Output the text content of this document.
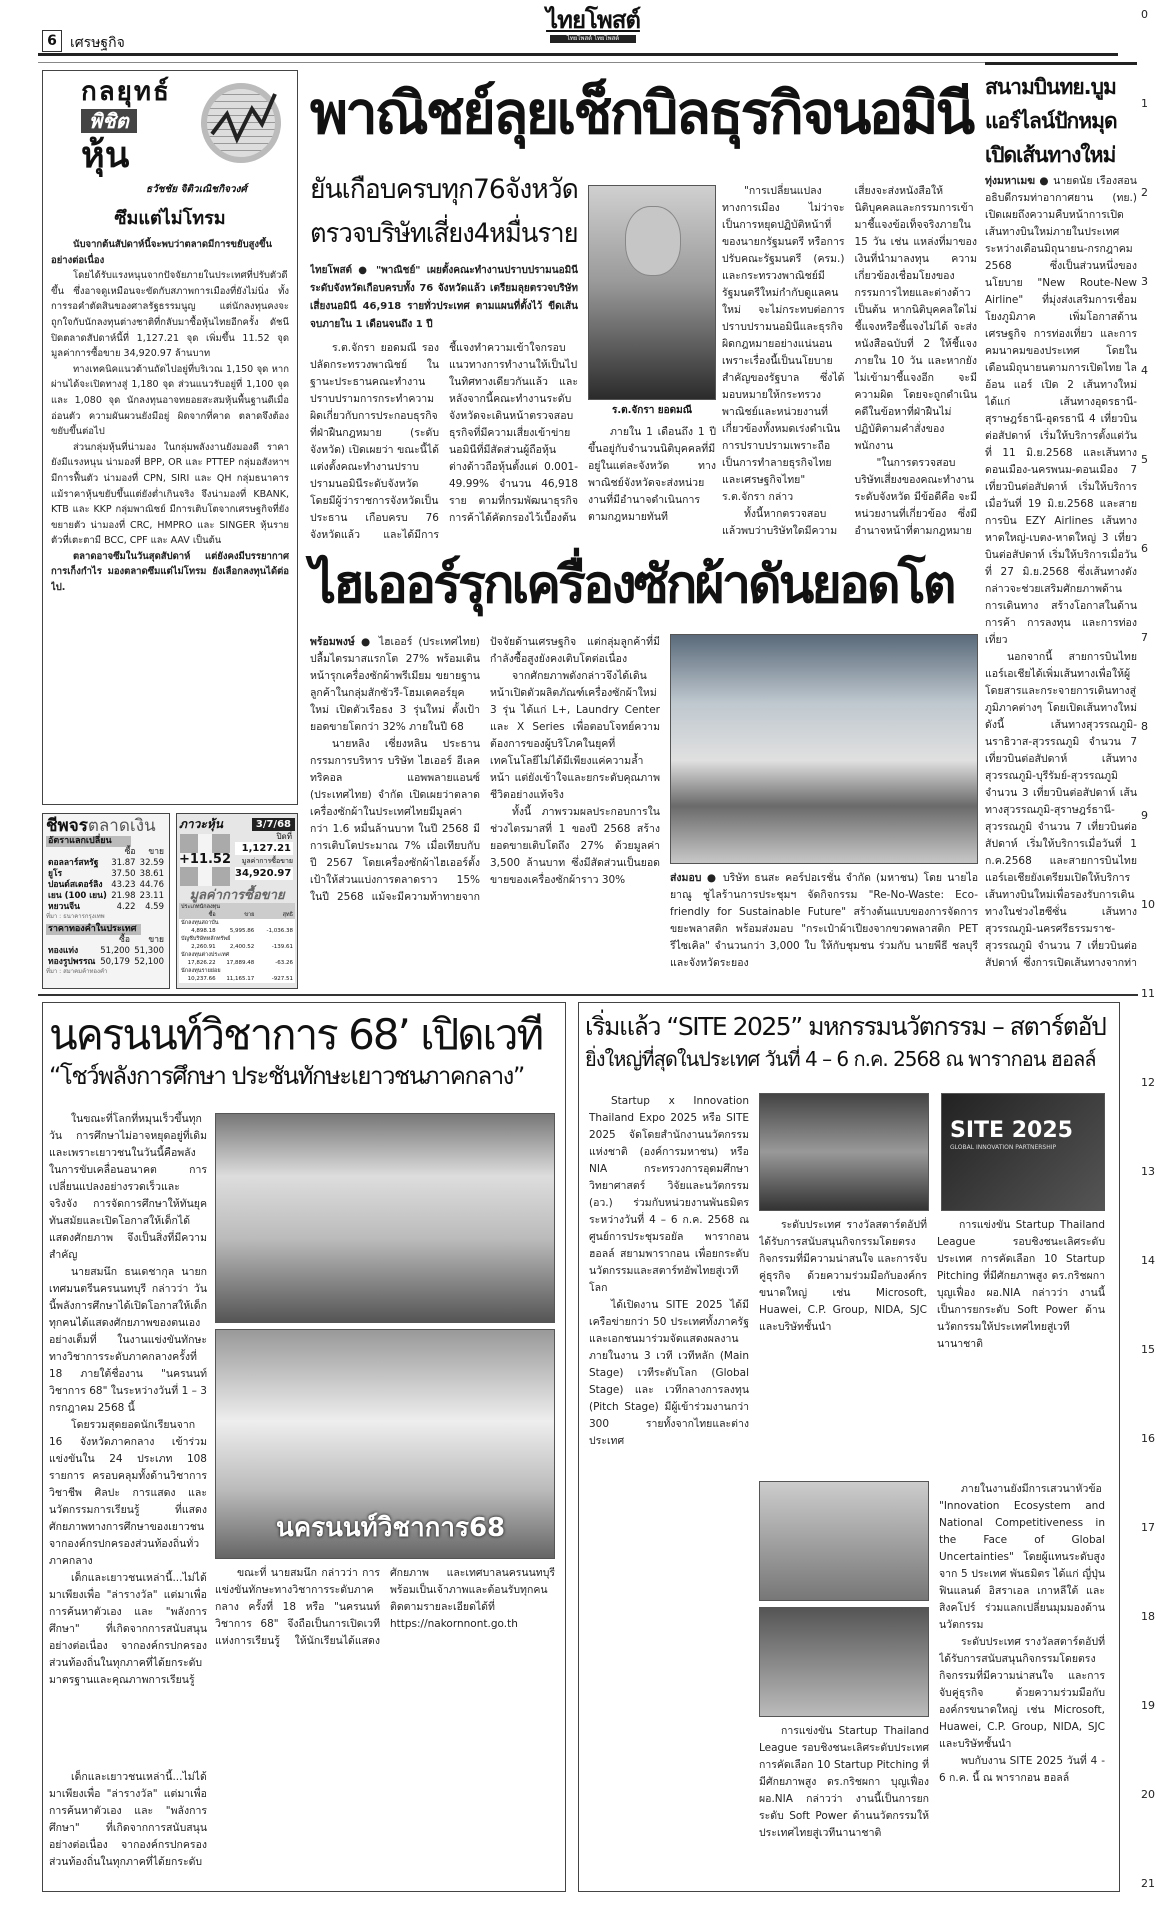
6 เศรษฐกิจ
ไทยโพสต์
ไทยโพสต์ ไทยโพสต์
0
1
2
3
4
5
6
7
8
9
10
11
12
13
14
15
16
17
18
19
20
21
กลยุทธ์
พิชิต
หุ้น
ธวัชชัย จิติวเณิชกิจวงศ์
ซึมแต่ไม่โทรม

นับจากต้นสัปดาห์นี้จะพบว่าตลาดมีการขยับสูงขึ้นอย่างต่อเนื่อง

โดยได้รับแรงหนุนจากปัจจัยภายในประเทศที่ปรับตัวดีขึ้น ซึ่งอาจดูเหมือนจะขัดกับสภาพการเมืองที่ยังไม่นิ่ง ทั้งการรอคำตัดสินของศาลรัฐธรรมนูญ แต่นักลงทุนคงจะถูกใจกับนักลงทุนต่างชาติที่กลับมาซื้อหุ้นไทยอีกครั้ง ดัชนีปิดตลาดสัปดาห์นี้ที่ 1,127.21 จุด เพิ่มขึ้น 11.52 จุด มูลค่าการซื้อขาย 34,920.97 ล้านบาท

ทางเทคนิคแนวต้านถัดไปอยู่ที่บริเวณ 1,150 จุด หากผ่านได้จะเปิดทางสู่ 1,180 จุด ส่วนแนวรับอยู่ที่ 1,100 จุด และ 1,080 จุด นักลงทุนอาจทยอยสะสมหุ้นพื้นฐานดีเมื่ออ่อนตัว ความผันผวนยังมีอยู่ ผิดจากที่คาด ตลาดจึงต้องขยับขึ้นต่อไป

ส่วนกลุ่มหุ้นที่น่ามอง ในกลุ่มพลังงานยังมองดี ราคายังมีแรงหนุน น่ามองที่ BPP, OR และ PTTEP กลุ่มอสังหาฯ มีการฟื้นตัว น่ามองที่ CPN, SIRI และ QH กลุ่มธนาคาร แม้ราคาหุ้นขยับขึ้นแต่ยังต่ำเกินจริง จึงน่ามองที่ KBANK, KTB และ KKP กลุ่มพาณิชย์ มีการเติบโตจากเศรษฐกิจที่ยังขยายตัว น่ามองที่ CRC, HMPRO และ SINGER หุ้นรายตัวที่เตะตามี BCC, CPF และ AAV เป็นต้น

ตลาดอาจซึมในวันสุดสัปดาห์ แต่ยังคงมีบรรยากาศการเก็งกำไร มองตลาดซึมแต่ไม่โทรม ยังเลือกลงทุนได้ต่อไป.

ชีพจรตลาดเงิน
อัตราแลกเปลี่ยน
	ซื้อ	ขาย
ดอลลาร์สหรัฐ	31.87	32.59
ยูโร	37.50	38.61
ปอนด์สเตอร์ลิง	43.23	44.76
เยน (100 เยน)	21.98	23.11
หยวนจีน	4.22	4.59
ที่มา : ธนาคารกรุงเทพ
ราคาทองคำในประเทศ
	ซื้อ	ขาย
ทองแท่ง	51,200	51,300
ทองรูปพรรณ	50,179	52,100
ที่มา : สมาคมค้าทองคำ
ภาวะหุ้น	3/7/68
+11.52
ปิดที่
1,127.21
มูลค่าการซื้อขาย
34,920.97
มูลค่าการซื้อขาย
ประเภทนักลงทุน		
ซื้อ	ขาย	สุทธิ
นักลงทุนสถาบัน		
4,898.18	5,995.86	-1,036.38
บัญชีบริษัทหลักทรัพย์		
2,260.91	2,400.52	-139.61
นักลงทุนต่างประเทศ		
17,826.22	17,889.48	-63.26
นักลงทุนรายย่อย		
10,237.66	11,165.17	-927.51
พาณิชย์ลุยเช็กบิลธุรกิจนอมินี
ยันเกือบครบทุก76จังหวัด
ตรวจบริษัทเสี่ยง4หมื่นราย
ไทยโพสต์ ● "พาณิชย์" เผยตั้งคณะทำงานปราบปรามนอมินีระดับจังหวัดเกือบครบทั้ง 76 จังหวัดแล้ว เตรียมลุยตรวจบริษัทเสี่ยงนอมินี 46,918 รายทั่วประเทศ ตามแผนที่ตั้งไว้ ขีดเส้นจบภายใน 1 เดือนจนถึง 1 ปี
ร.ต.จักรา ยอดมณี

ร.ต.จักรา ยอดมณี รองปลัดกระทรวงพาณิชย์ ในฐานะประธานคณะทำงานปราบปรามการกระทำความผิดเกี่ยวกับการประกอบธุรกิจที่ฝ่าฝืนกฎหมาย (ระดับจังหวัด) เปิดเผยว่า ขณะนี้ได้แต่งตั้งคณะทำงานปราบปรามนอมินีระดับจังหวัด โดยมีผู้ว่าราชการจังหวัดเป็นประธาน เกือบครบ 76 จังหวัดแล้ว และได้มีการชี้แจงทำความเข้าใจกรอบแนวทางการทำงานให้เป็นไปในทิศทางเดียวกันแล้ว และหลังจากนี้คณะทำงานระดับจังหวัดจะเดินหน้าตรวจสอบธุรกิจที่มีความเสี่ยงเข้าข่ายนอมินีที่มีสัดส่วนผู้ถือหุ้นต่างด้าวถือหุ้นตั้งแต่ 0.001-49.99% จำนวน 46,918 ราย ตามที่กรมพัฒนาธุรกิจการค้าได้คัดกรองไว้เบื้องต้น

ภายใน 1 เดือนถึง 1 ปี ขึ้นอยู่กับจำนวนนิติบุคคลที่มีอยู่ในแต่ละจังหวัด ทางพาณิชย์จังหวัดจะส่งหน่วยงานที่มีอำนาจดำเนินการตามกฎหมายทันที

"การเปลี่ยนแปลงทางการเมือง ไม่ว่าจะเป็นการหยุดปฏิบัติหน้าที่ของนายกรัฐมนตรี หรือการปรับคณะรัฐมนตรี (ครม.) และกระทรวงพาณิชย์มีรัฐมนตรีใหม่กำกับดูแลคนใหม่ จะไม่กระทบต่อการปราบปรามนอมินีและธุรกิจผิดกฎหมายอย่างแน่นอน เพราะเรื่องนี้เป็นนโยบายสำคัญของรัฐบาล ซึ่งได้มอบหมายให้กระทรวงพาณิชย์และหน่วยงานที่เกี่ยวข้องทั้งหมดเร่งดำเนินการปราบปรามเพราะถือเป็นการทำลายธุรกิจไทย และเศรษฐกิจไทย" ร.ต.จักรา กล่าว

ทั้งนี้หากตรวจสอบแล้วพบว่าบริษัทใดมีความเสี่ยงจะส่งหนังสือให้นิติบุคคลและกรรมการเข้ามาชี้แจงข้อเท็จจริงภายใน 15 วัน เช่น แหล่งที่มาของเงินที่นำมาลงทุน ความเกี่ยวข้องเชื่อมโยงของกรรมการไทยและต่างด้าว เป็นต้น หากนิติบุคคลใดไม่ชี้แจงหรือชี้แจงไม่ได้ จะส่งหนังสือฉบับที่ 2 ให้ชี้แจงภายใน 10 วัน และหากยังไม่เข้ามาชี้แจงอีก จะมีความผิด โดยจะถูกดำเนินคดีในข้อหาที่ฝ่าฝืนไม่ปฏิบัติตามคำสั่งของพนักงาน

"ในการตรวจสอบบริษัทเสี่ยงของคณะทำงานระดับจังหวัด มีข้อดีคือ จะมีหน่วยงานที่เกี่ยวข้อง ซึ่งมีอำนาจหน้าที่ตามกฎหมาย

สนามบินทย.บูม
แอร์ไลน์ปักหมุด
เปิดเส้นทางใหม่

ทุ่งมหาเมฆ ● นายดนัย เรืองสอน อธิบดีกรมท่าอากาศยาน (ทย.) เปิดเผยถึงความคืบหน้าการเปิดเส้นทางบินใหม่ภายในประเทศ ระหว่างเดือนมิถุนายน-กรกฎาคม 2568 ซึ่งเป็นส่วนหนึ่งของนโยบาย "New Route-New Airline" ที่มุ่งส่งเสริมการเชื่อมโยงภูมิภาค เพิ่มโอกาสด้านเศรษฐกิจ การท่องเที่ยว และการคมนาคมของประเทศ โดยในเดือนมิถุนายนตามการเปิดไทย ไลอ้อน แอร์ เปิด 2 เส้นทางใหม่ ได้แก่ เส้นทางอุดรธานี-สุราษฎร์ธานี-อุดรธานี 4 เที่ยวบินต่อสัปดาห์ เริ่มให้บริการตั้งแต่วันที่ 11 มิ.ย.2568 และเส้นทางดอนเมือง-นครพนม-ดอนเมือง 7 เที่ยวบินต่อสัปดาห์ เริ่มให้บริการเมื่อวันที่ 19 มิ.ย.2568 และสายการบิน EZY Airlines เส้นทางหาดใหญ่-เบตง-หาดใหญ่ 3 เที่ยวบินต่อสัปดาห์ เริ่มให้บริการเมื่อวันที่ 27 มิ.ย.2568 ซึ่งเส้นทางดังกล่าวจะช่วยเสริมศักยภาพด้านการเดินทาง สร้างโอกาสในด้านการค้า การลงทุน และการท่องเที่ยว

นอกจากนี้ สายการบินไทยแอร์เอเชียได้เพิ่มเส้นทางเพื่อให้ผู้โดยสารและกระจายการเดินทางสู่ภูมิภาคต่างๆ โดยเปิดเส้นทางใหม่ ดังนี้ เส้นทางสุวรรณภูมิ-นราธิวาส-สุวรรณภูมิ จำนวน 7 เที่ยวบินต่อสัปดาห์ เส้นทางสุวรรณภูมิ-บุรีรัมย์-สุวรรณภูมิ จำนวน 3 เที่ยวบินต่อสัปดาห์ เส้นทางสุวรรณภูมิ-สุราษฎร์ธานี-สุวรรณภูมิ จำนวน 7 เที่ยวบินต่อสัปดาห์ เริ่มให้บริการเมื่อวันที่ 1 ก.ค.2568 และสายการบินไทยแอร์เอเชียยังเตรียมเปิดให้บริการเส้นทางบินใหม่เพื่อรองรับการเดินทางในช่วงไฮซีซั่น เส้นทางสุวรรณภูมิ-นครศรีธรรมราช-สุวรรณภูมิ จำนวน 7 เที่ยวบินต่อสัปดาห์ ซึ่งการเปิดเส้นทางจากท่า

ไฮเออร์รุกเครื่องซักผ้าดันยอดโต

พร้อมพงษ์ ● ไฮเออร์ (ประเทศไทย) ปลื้มไตรมาสแรกโต 27% พร้อมเดินหน้ารุกเครื่องซักผ้าพรีเมียม ขยายฐานลูกค้าในกลุ่มสักซัวรี-โฮมเดคอร์ยุคใหม่ เปิดตัวเรือธง 3 รุ่นใหม่ ตั้งเป้ายอดขายโตกว่า 32% ภายในปี 68

นายหลิง เซี่ยงหลิน ประธานกรรมการบริหาร บริษัท ไฮเออร์ อีเลคทริคอล แอพพลายแอนซ์ (ประเทศไทย) จำกัด เปิดเผยว่าตลาดเครื่องซักผ้าในประเทศไทยมีมูลค่ากว่า 1.6 หมื่นล้านบาท ในปี 2568 มีการเติบโตประมาณ 7% เมื่อเทียบกับปี 2567 โดยเครื่องซักผ้าไฮเออร์ตั้งเป้าให้ส่วนแบ่งการตลาดราว 15% ในปี 2568 แม้จะมีความท้าทายจากปัจจัยด้านเศรษฐกิจ แต่กลุ่มลูกค้าที่มีกำลังซื้อสูงยังคงเติบโตต่อเนื่อง

จากศักยภาพดังกล่าวจึงได้เดินหน้าเปิดตัวผลิตภัณฑ์เครื่องซักผ้าใหม่ 3 รุ่น ได้แก่ L+, Laundry Center และ X Series เพื่อตอบโจทย์ความต้องการของผู้บริโภคในยุคที่เทคโนโลยีไม่ได้มีเพียงแค่ความล้ำหน้า แต่ยังเข้าใจและยกระดับคุณภาพชีวิตอย่างแท้จริง

ทั้งนี้ ภาพรวมผลประกอบการในช่วงไตรมาสที่ 1 ของปี 2568 สร้างยอดขายเติบโตถึง 27% ด้วยมูลค่า 3,500 ล้านบาท ซึ่งมีสัดส่วนเป็นยอดขายของเครื่องซักผ้าราว 30%	ส่งมอบ ● บริษัท ธนสะ คอร์ปอเรชั่น จำกัด (มหาชน) โดย นายไอยาณู ชูไลร้านการประชุมฯ จัดกิจกรรม "Re-No-Waste: Eco-friendly for Sustainable Future" สร้างต้นแบบของการจัดการขยะพลาสติก พร้อมส่งมอบ "กระเป๋าผ้าเปียงจากขวดพลาสติก PET รีไซเคิล" จำนวนกว่า 3,000 ใบ ให้กับชุมชน ร่วมกับ นายพีธี ชลบุรี และจังหวัดระยอง

นครนนท์วิชาการ 68’ เปิดเวที
“โชว์พลังการศึกษา ประชันทักษะเยาวชนภาคกลาง”

ในขณะที่โลกที่หมุนเร็วขึ้นทุกวัน การศึกษาไม่อาจหยุดอยู่ที่เดิมและเพราะเยาวชนในวันนี้คือพลังในการขับเคลื่อนอนาคต การเปลี่ยนแปลงอย่างรวดเร็วและจริงจัง การจัดการศึกษาให้ทันยุค ทันสมัยและเปิดโอกาสให้เด็กได้แสดงศักยภาพ จึงเป็นสิ่งที่มีความสำคัญ

นายสมนึก ธนเดชากุล นายกเทศมนตรีนครนนทบุรี กล่าวว่า วันนี้พลังการศึกษาได้เปิดโอกาสให้เด็กทุกคนได้แสดงศักยภาพของตนเองอย่างเต็มที่ ในงานแข่งขันทักษะทางวิชาการระดับภาคกลางครั้งที่ 18 ภายใต้ชื่องาน "นครนนท์วิชาการ 68" ในระหว่างวันที่ 1 – 3 กรกฎาคม 2568 นี้

โดยรวมสุดยอดนักเรียนจาก 16 จังหวัดภาคกลาง เข้าร่วมแข่งขันใน 24 ประเภท 108 รายการ ครอบคลุมทั้งด้านวิชาการ วิชาชีพ ศิลปะ การแสดง และนวัตกรรมการเรียนรู้ ที่แสดงศักยภาพทางการศึกษาของเยาวชนจากองค์กรปกครองส่วนท้องถิ่นทั่วภาคกลาง

เด็กและเยาวชนเหล่านี้...ไม่ได้มาเพียงเพื่อ "ล่ารางวัล" แต่มาเพื่อการค้นหาตัวเอง และ "พลังการศึกษา" ที่เกิดจากการสนับสนุนอย่างต่อเนื่อง จากองค์กรปกครองส่วนท้องถิ่นในทุกภาคที่ได้ยกระดับมาตรฐานและคุณภาพการเรียนรู้

นครนนท์วิชาการ68

ขณะที่ นายสมนึก กล่าวว่า การแข่งขันทักษะทางวิชาการระดับภาคกลาง ครั้งที่ 18 หรือ "นครนนท์วิชาการ 68" จึงถือเป็นการเปิดเวทีแห่งการเรียนรู้ ให้นักเรียนได้แสดงศักยภาพ และเทศบาลนครนนทบุรี พร้อมเป็นเจ้าภาพและต้อนรับทุกคน ติดตามรายละเอียดได้ที่ https://nakornnont.go.th

เด็กและเยาวชนเหล่านี้...ไม่ได้มาเพียงเพื่อ "ล่ารางวัล" แต่มาเพื่อการค้นหาตัวเอง และ "พลังการศึกษา" ที่เกิดจากการสนับสนุนอย่างต่อเนื่อง จากองค์กรปกครองส่วนท้องถิ่นในทุกภาคที่ได้ยกระดับ

เริ่มแล้ว “SITE 2025” มหกรรมนวัตกรรม – สตาร์ตอัป
ยิ่งใหญ่ที่สุดในประเทศ วันที่ 4 – 6 ก.ค. 2568 ณ พารากอน ฮอลล์

Startup x Innovation Thailand Expo 2025 หรือ SITE 2025 จัดโดยสำนักงานนวัตกรรมแห่งชาติ (องค์การมหาชน) หรือ NIA กระทรวงการอุดมศึกษา วิทยาศาสตร์ วิจัยและนวัตกรรม (อว.) ร่วมกับหน่วยงานพันธมิตร ระหว่างวันที่ 4 – 6 ก.ค. 2568 ณ ศูนย์การประชุมรอยัล พารากอน ฮอลล์ สยามพารากอน เพื่อยกระดับนวัตกรรมและสตาร์ทอัพไทยสู่เวทีโลก

ได้เปิดงาน SITE 2025 ได้มีเครือข่ายกว่า 50 ประเทศทั้งภาครัฐและเอกชนมาร่วมจัดแสดงผลงานภายในงาน 3 เวที เวทีหลัก (Main Stage) เวทีระดับโลก (Global Stage) และ เวทีกลางการลงทุน (Pitch Stage) มีผู้เข้าร่วมงานกว่า 300 รายทั้งจากไทยและต่างประเทศ

SITE 2025
GLOBAL INNOVATION PARTNERSHIP

ระดับประเทศ รางวัลสตาร์ตอัปที่ได้รับการสนับสนุนกิจกรรมโดยตรง กิจกรรมที่มีความน่าสนใจ และการจับคู่ธุรกิจ ด้วยความร่วมมือกับองค์กรขนาดใหญ่ เช่น Microsoft, Huawei, C.P. Group, NIDA, SJC และบริษัทชั้นนำ

การแข่งขัน Startup Thailand League รอบชิงชนะเลิศระดับประเทศ การคัดเลือก 10 Startup Pitching ที่มีศักยภาพสูง ดร.กริชผกา บุญเฟื่อง ผอ.NIA กล่าวว่า งานนี้เป็นการยกระดับ Soft Power ด้านนวัตกรรมให้ประเทศไทยสู่เวทีนานาชาติ

การแข่งขัน Startup Thailand League รอบชิงชนะเลิศระดับประเทศ การคัดเลือก 10 Startup Pitching ที่มีศักยภาพสูง ดร.กริชผกา บุญเฟื่อง ผอ.NIA กล่าวว่า งานนี้เป็นการยกระดับ Soft Power ด้านนวัตกรรมให้ประเทศไทยสู่เวทีนานาชาติ

ภายในงานยังมีการเสวนาหัวข้อ "Innovation Ecosystem and National Competitiveness in the Face of Global Uncertainties" โดยผู้แทนระดับสูงจาก 5 ประเทศ พันธมิตร ได้แก่ ญี่ปุ่น ฟินแลนด์ อิสราเอล เกาหลีใต้ และสิงคโปร์ ร่วมแลกเปลี่ยนมุมมองด้านนวัตกรรม

ระดับประเทศ รางวัลสตาร์ตอัปที่ได้รับการสนับสนุนกิจกรรมโดยตรง กิจกรรมที่มีความน่าสนใจ และการจับคู่ธุรกิจ ด้วยความร่วมมือกับองค์กรขนาดใหญ่ เช่น Microsoft, Huawei, C.P. Group, NIDA, SJC และบริษัทชั้นนำ

พบกับงาน SITE 2025 วันที่ 4 - 6 ก.ค. นี้ ณ พารากอน ฮอลล์
